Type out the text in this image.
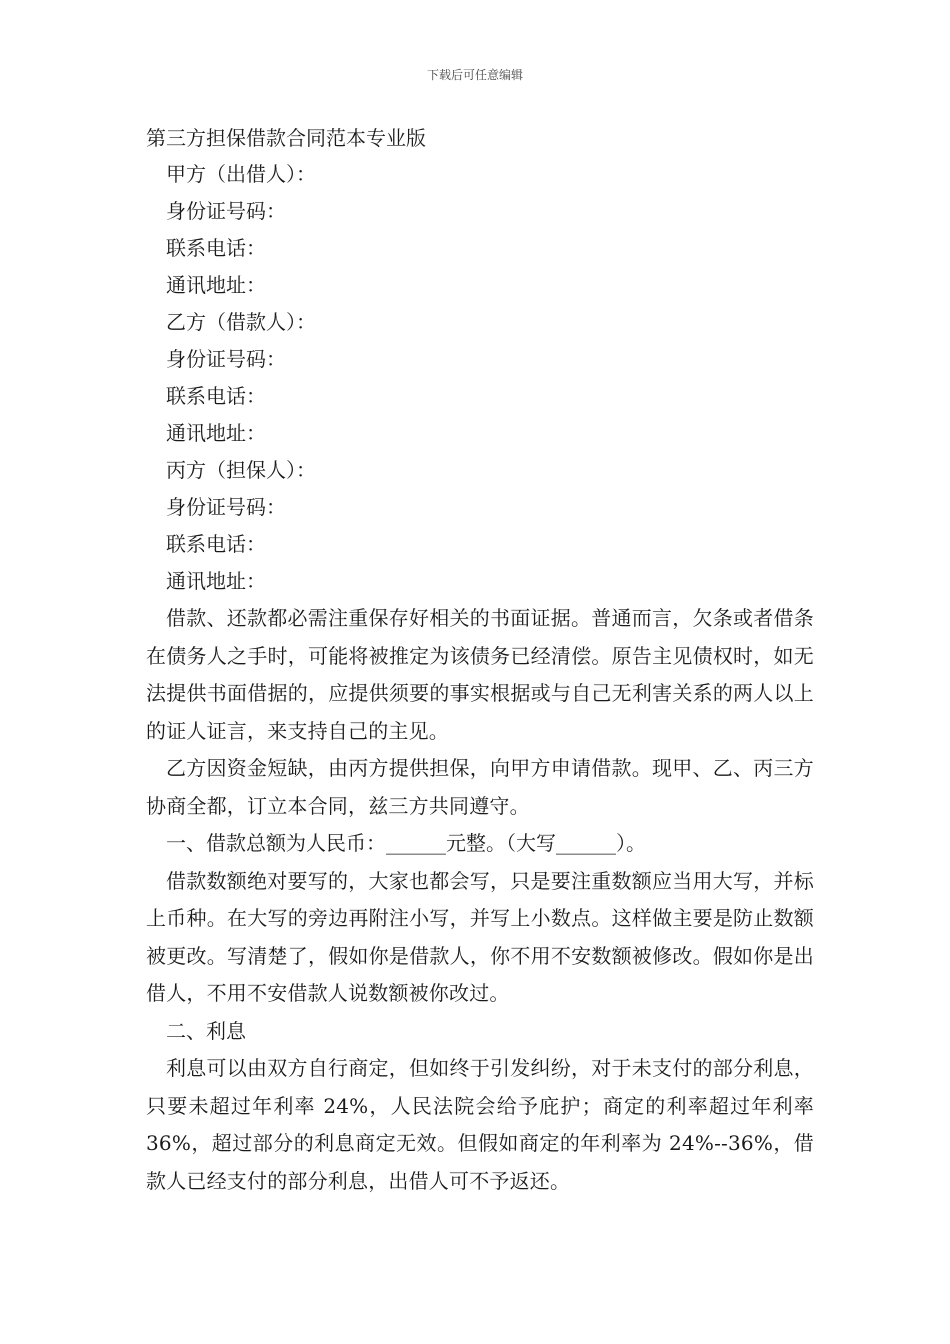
下载后可任意编辑

第三方担保借款合同范本专业版

甲方（出借人）：

身份证号码：

联系电话：

通讯地址：

乙方（借款人）：

身份证号码：

联系电话：

通讯地址：

丙方（担保人）：

身份证号码：

联系电话：

通讯地址：

借款、还款都必需注重保存好相关的书面证据。普通而言，欠条或者借条在债务人之手时，可能将被推定为该债务已经清偿。原告主见债权时，如无法提供书面借据的，应提供须要的事实根据或与自己无利害关系的两人以上的证人证言，来支持自己的主见。

乙方因资金短缺，由丙方提供担保，向甲方申请借款。现甲、乙、丙三方协商全都，订立本合同，兹三方共同遵守。

一、借款总额为人民币：______元整。（大写______）。

借款数额绝对要写的，大家也都会写，只是要注重数额应当用大写，并标上币种。在大写的旁边再附注小写，并写上小数点。这样做主要是防止数额被更改。写清楚了，假如你是借款人，你不用不安数额被修改。假如你是出借人，不用不安借款人说数额被你改过。

二、利息

利息可以由双方自行商定，但如终于引发纠纷，对于未支付的部分利息，只要未超过年利率 24%，人民法院会给予庇护；商定的利率超过年利率 36%，超过部分的利息商定无效。但假如商定的年利率为 24%--36%，借款人已经支付的部分利息，出借人可不予返还。
